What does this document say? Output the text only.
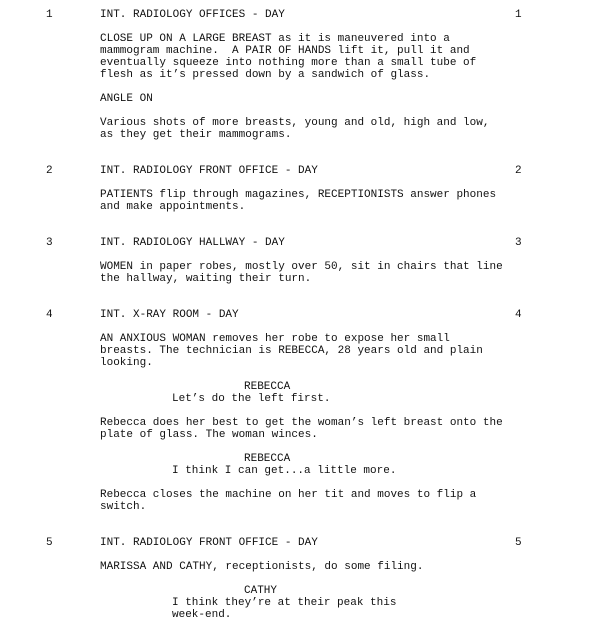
1	INT. RADIOLOGY OFFICES - DAY	1
CLOSE UP ON A LARGE BREAST as it is maneuvered into a
mammogram machine.  A PAIR OF HANDS lift it, pull it and
eventually squeeze into nothing more than a small tube of
flesh as it’s pressed down by a sandwich of glass.
ANGLE ON
Various shots of more breasts, young and old, high and low,
as they get their mammograms.
2	INT. RADIOLOGY FRONT OFFICE - DAY	2
PATIENTS flip through magazines, RECEPTIONISTS answer phones
and make appointments.
3	INT. RADIOLOGY HALLWAY - DAY	3
WOMEN in paper robes, mostly over 50, sit in chairs that line
the hallway, waiting their turn.
4	INT. X-RAY ROOM - DAY	4
AN ANXIOUS WOMAN removes her robe to expose her small
breasts. The technician is REBECCA, 28 years old and plain
looking.
REBECCA
Let’s do the left first.
Rebecca does her best to get the woman’s left breast onto the
plate of glass. The woman winces.
REBECCA
I think I can get...a little more.
Rebecca closes the machine on her tit and moves to flip a
switch.
5	INT. RADIOLOGY FRONT OFFICE - DAY	5
MARISSA AND CATHY, receptionists, do some filing.
CATHY
I think they’re at their peak this
week-end.
